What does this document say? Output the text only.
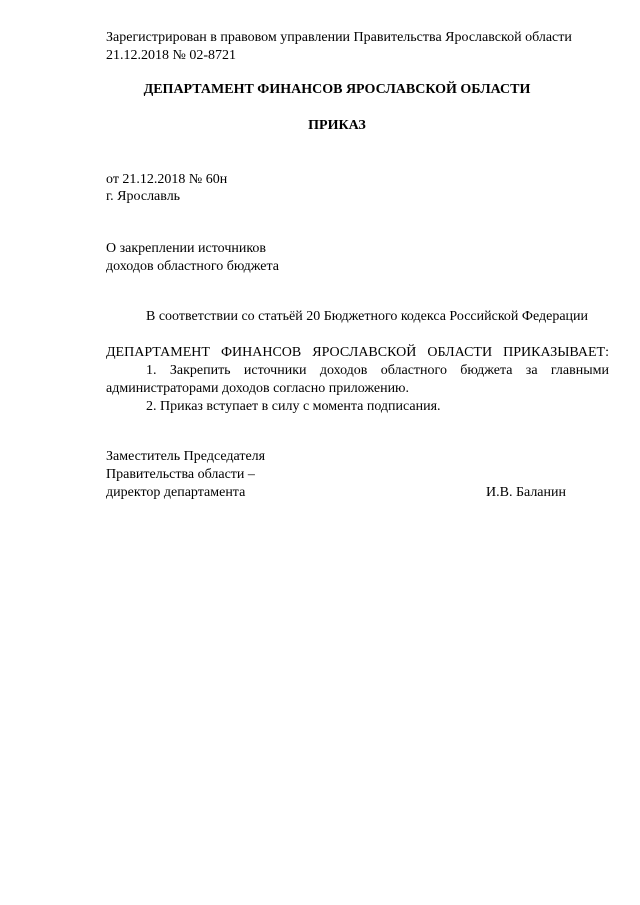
Зарегистрирован в правовом управлении Правительства Ярославской области
21.12.2018 № 02-8721
ДЕПАРТАМЕНТ ФИНАНСОВ ЯРОСЛАВСКОЙ ОБЛАСТИ
ПРИКАЗ
от 21.12.2018 № 60н
г. Ярославль
О закреплении источников
доходов областного бюджета
В соответствии со статьёй 20 Бюджетного кодекса Российской Федерации
ДЕПАРТАМЕНТ ФИНАНСОВ ЯРОСЛАВСКОЙ ОБЛАСТИ ПРИКАЗЫВАЕТ:
1. Закрепить источники доходов областного бюджета за главными администраторами доходов согласно приложению.
2. Приказ вступает в силу с момента подписания.
Заместитель Председателя
Правительства области –
директор департамента	И.В. Баланин
